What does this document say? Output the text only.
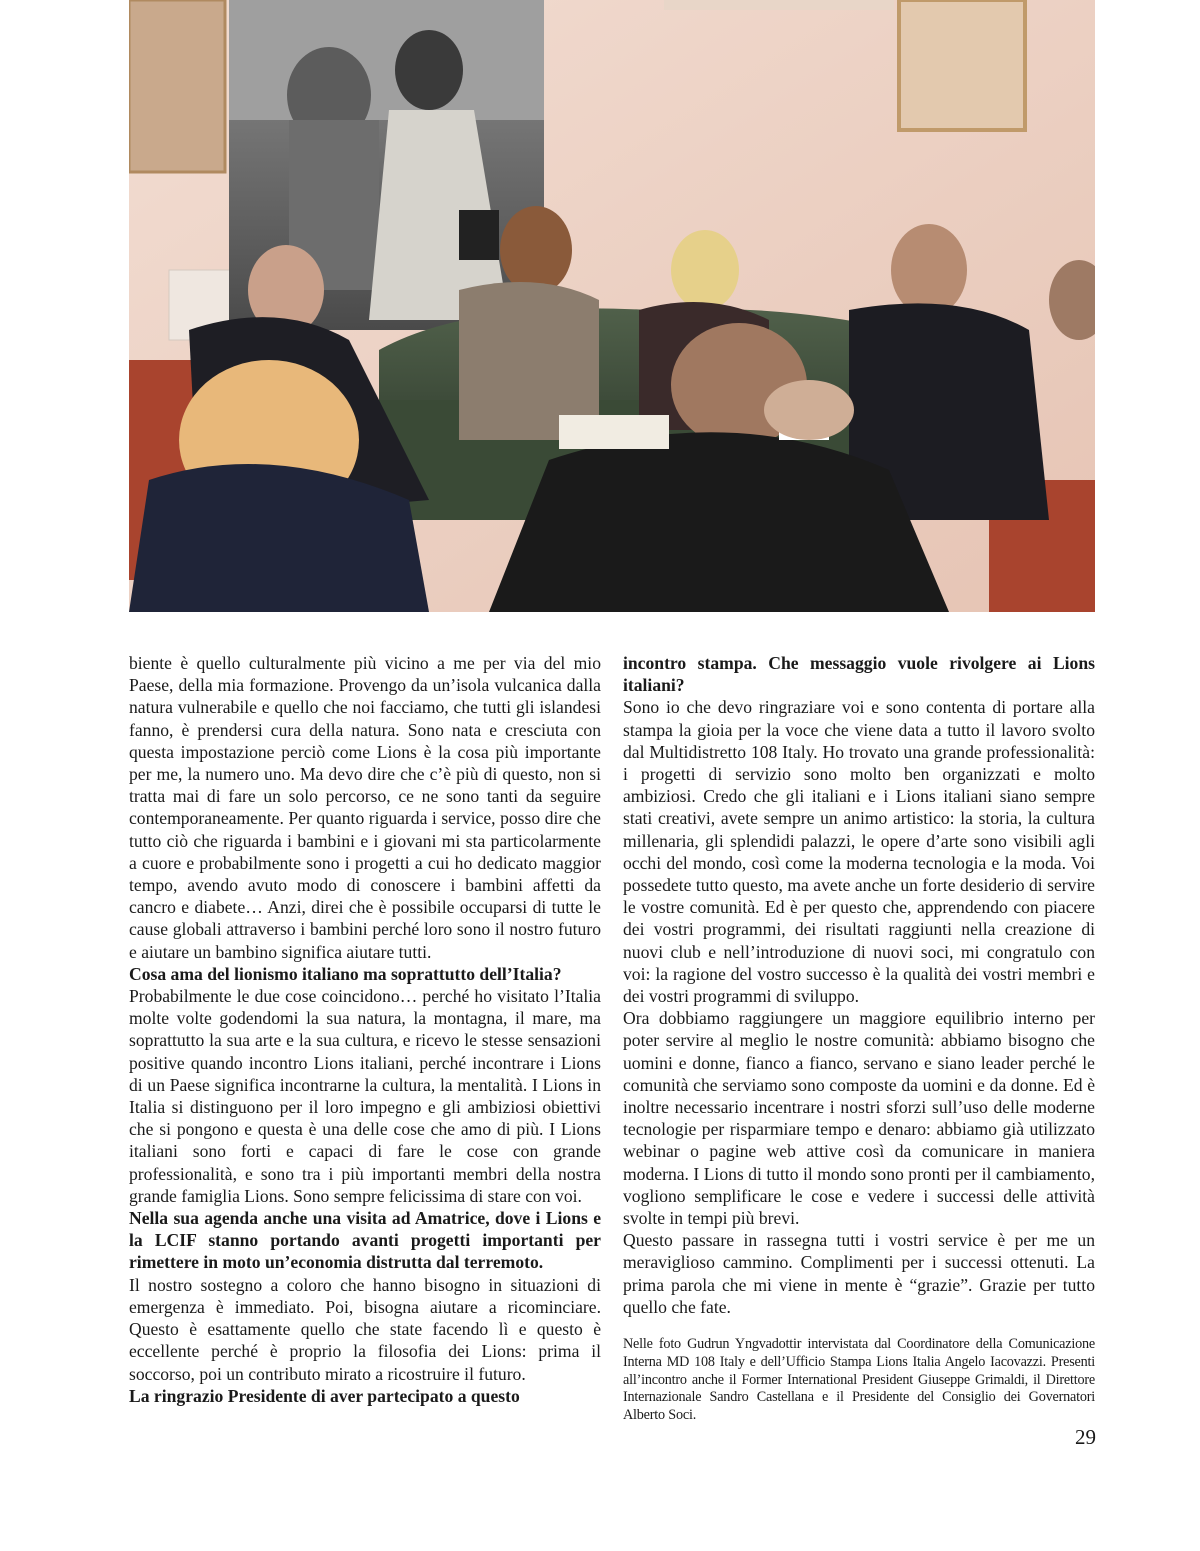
biente è quello culturalmente più vicino a me per via del mio Paese, della mia formazione. Provengo da un’isola vulcanica dalla natura vulnerabile e quello che noi facciamo, che tutti gli islandesi fanno, è prendersi cura della natura. Sono nata e cresciuta con questa impostazione perciò come Lions è la cosa più importante per me, la numero uno. Ma devo dire che c’è più di questo, non si tratta mai di fare un solo percorso, ce ne sono tanti da seguire contemporaneamente. Per quanto riguarda i service, posso dire che tutto ciò che riguarda i bambini e i giovani mi sta particolarmente a cuore e probabilmente sono i progetti a cui ho dedicato maggior tempo, avendo avuto modo di conoscere i bambini affetti da cancro e diabete… Anzi, direi che è possibile occuparsi di tutte le cause globali attraverso i bambini perché loro sono il nostro futuro e aiutare un bambino significa aiutare tutti.

Cosa ama del lionismo italiano ma soprattutto dell’Italia?

Probabilmente le due cose coincidono… perché ho visitato l’Italia molte volte godendomi la sua natura, la montagna, il mare, ma soprattutto la sua arte e la sua cultura, e ricevo le stesse sensazioni positive quando incontro Lions italiani, perché incontrare i Lions di un Paese significa incontrarne la cultura, la mentalità. I Lions in Italia si distinguono per il loro impegno e gli ambiziosi obiettivi che si pongono e questa è una delle cose che amo di più. I Lions italiani sono forti e capaci di fare le cose con grande professionalità, e sono tra i più importanti membri della nostra grande famiglia Lions. Sono sempre felicissima di stare con voi.

Nella sua agenda anche una visita ad Amatrice, dove i Lions e la LCIF stanno portando avanti progetti importanti per rimettere in moto un’economia distrutta dal terremoto.

Il nostro sostegno a coloro che hanno bisogno in situazioni di emergenza è immediato. Poi, bisogna aiutare a ricominciare. Questo è esattamente quello che state facendo lì e questo è eccellente perché è proprio la filosofia dei Lions: prima il soccorso, poi un contributo mirato a ricostruire il futuro.

La ringrazio Presidente di aver partecipato a questo

incontro stampa. Che messaggio vuole rivolgere ai Lions italiani?

Sono io che devo ringraziare voi e sono contenta di portare alla stampa la gioia per la voce che viene data a tutto il lavoro svolto dal Multidistretto 108 Italy. Ho trovato una grande professionalità: i progetti di servizio sono molto ben organizzati e molto ambiziosi. Credo che gli italiani e i Lions italiani siano sempre stati creativi, avete sempre un animo artistico: la storia, la cultura millenaria, gli splendidi palazzi, le opere d’arte sono visibili agli occhi del mondo, così come la moderna tecnologia e la moda. Voi possedete tutto questo, ma avete anche un forte desiderio di servire le vostre comunità. Ed è per questo che, apprendendo con piacere dei vostri programmi, dei risultati raggiunti nella creazione di nuovi club e nell’introduzione di nuovi soci, mi congratulo con voi: la ragione del vostro successo è la qualità dei vostri membri e dei vostri programmi di sviluppo.

Ora dobbiamo raggiungere un maggiore equilibrio interno per poter servire al meglio le nostre comunità: abbiamo bisogno che uomini e donne, fianco a fianco, servano e siano leader perché le comunità che serviamo sono composte da uomini e da donne. Ed è inoltre necessario incentrare i nostri sforzi sull’uso delle moderne tecnologie per risparmiare tempo e denaro: abbiamo già utilizzato webinar o pagine web attive così da comunicare in maniera moderna. I Lions di tutto il mondo sono pronti per il cambiamento, vogliono semplificare le cose e vedere i successi delle attività svolte in tempi più brevi.

Questo passare in rassegna tutti i vostri service è per me un meraviglioso cammino. Complimenti per i successi ottenuti. La prima parola che mi viene in mente è “grazie”. Grazie per tutto quello che fate.

Nelle foto Gudrun Yngvadottir intervistata dal Coordinatore della Comunicazione Interna MD 108 Italy e dell’Ufficio Stampa Lions Italia Angelo Iacovazzi. Presenti all’incontro anche il Former International President Giuseppe Grimaldi, il Direttore Internazionale Sandro Castellana e il Presidente del Consiglio dei Governatori Alberto Soci.

29
